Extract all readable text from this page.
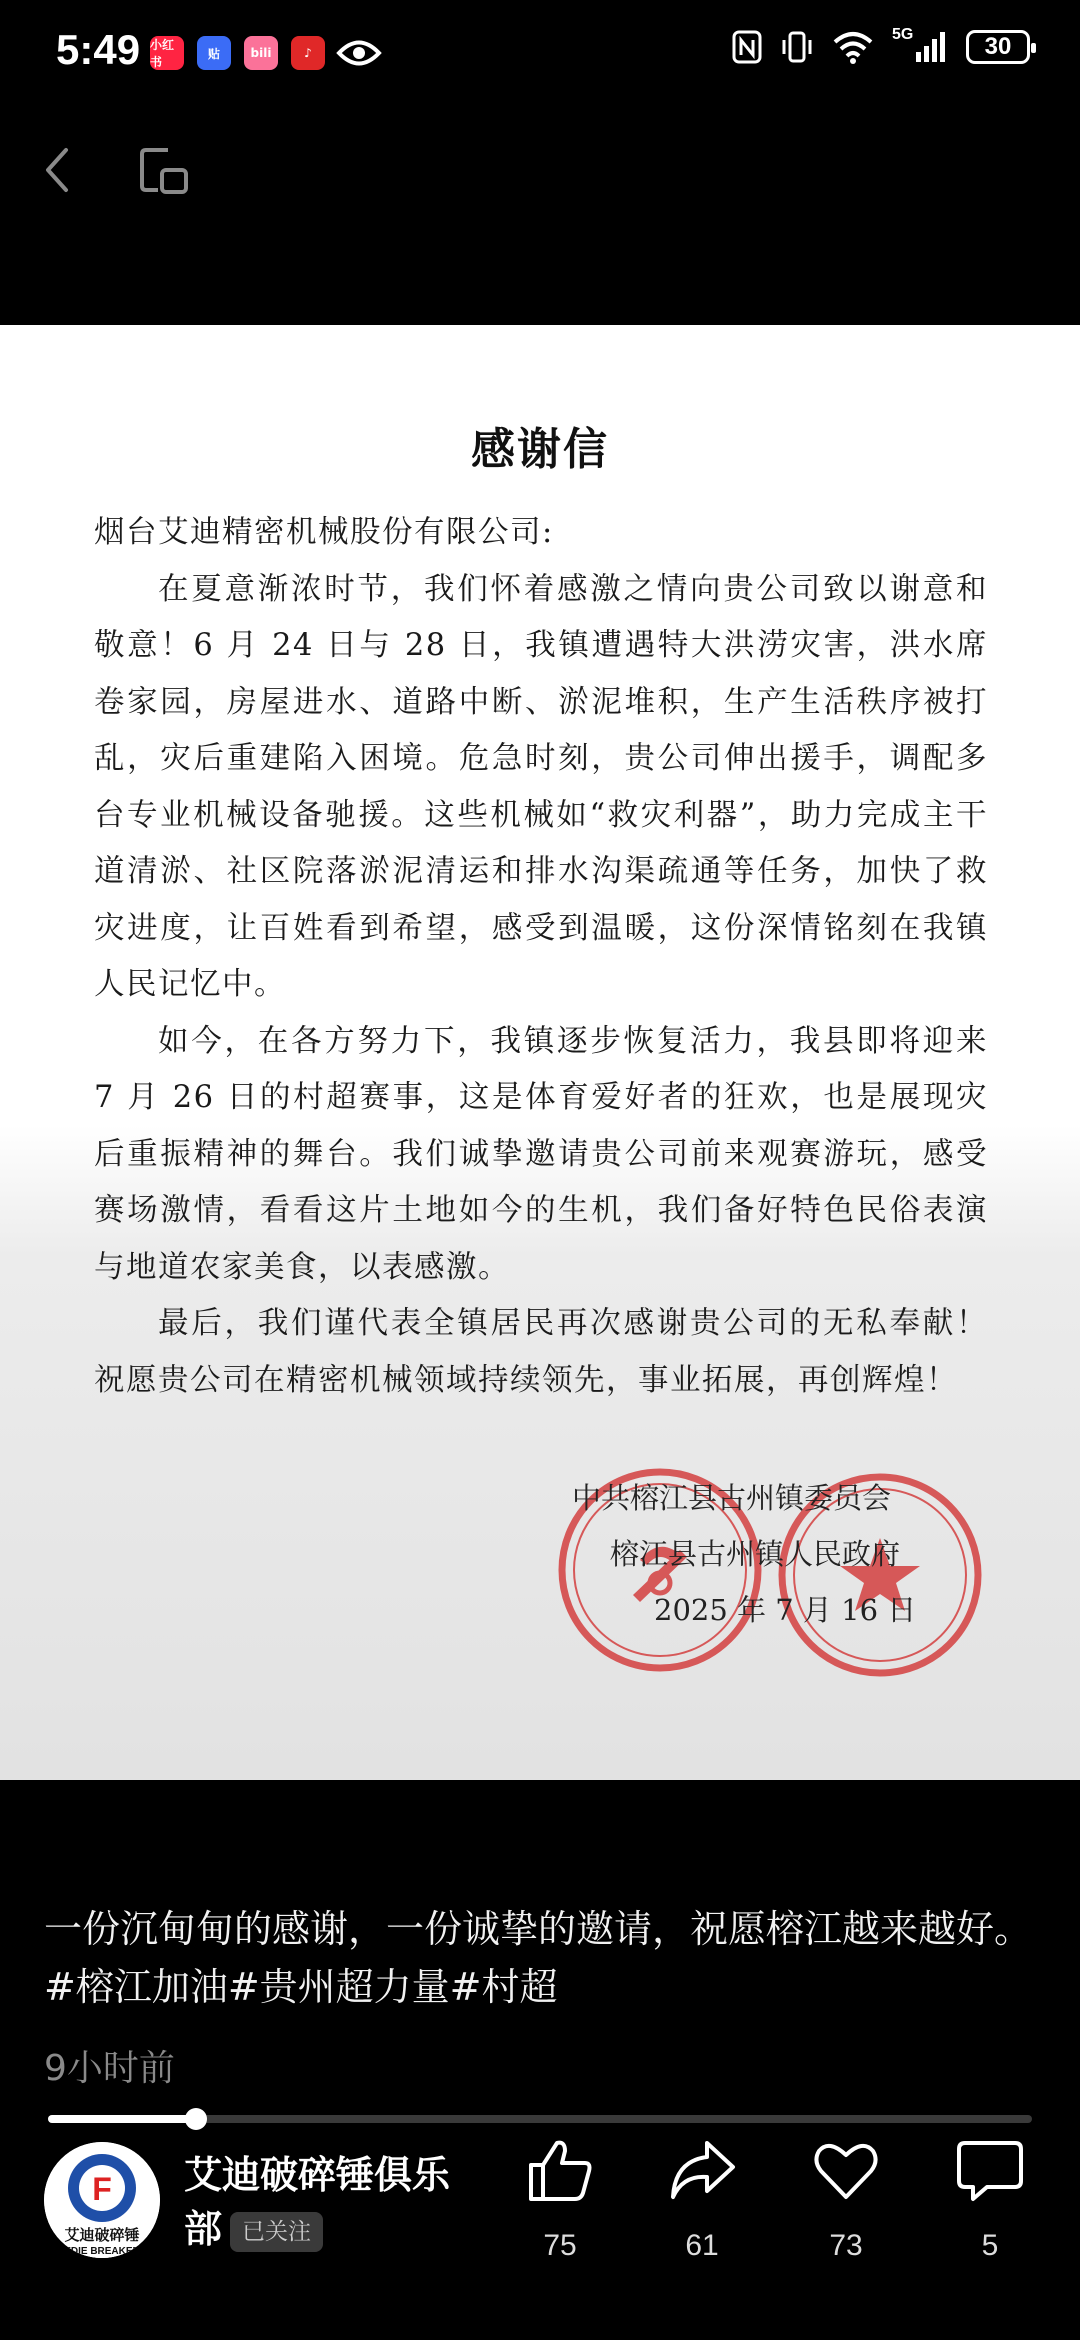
5:49 小红书
贴	bili	♪
5G	30
感谢信

烟台艾迪精密机械股份有限公司:

在夏意渐浓时节，我们怀着感激之情向贵公司致以谢意和敬意！6 月 24 日与 28 日，我镇遭遇特大洪涝灾害，洪水席卷家园，房屋进水、道路中断、淤泥堆积，生产生活秩序被打乱，灾后重建陷入困境。危急时刻，贵公司伸出援手，调配多台专业机械设备驰援。这些机械如“救灾利器”，助力完成主干道清淤、社区院落淤泥清运和排水沟渠疏通等任务，加快了救灾进度，让百姓看到希望，感受到温暖，这份深情铭刻在我镇人民记忆中。

如今，在各方努力下，我镇逐步恢复活力，我县即将迎来 7 月 26 日的村超赛事，这是体育爱好者的狂欢，也是展现灾后重振精神的舞台。我们诚挚邀请贵公司前来观赛游玩，感受赛场激情，看看这片土地如今的生机，我们备好特色民俗表演与地道农家美食，以表感激。

最后，我们谨代表全镇居民再次感谢贵公司的无私奉献！祝愿贵公司在精密机械领域持续领先，事业拓展，再创辉煌！

中共榕江县古州镇委员会
榕江县古州镇人民政府
2025 年 7 月 16 日
一份沉甸甸的感谢，一份诚挚的邀请，祝愿榕江越来越好。#榕江加油#贵州超力量#村超
9小时前
F
艾迪破碎锤
EDIE BREAKER
艾迪破碎锤俱乐部 已关注	75	61	73	5
